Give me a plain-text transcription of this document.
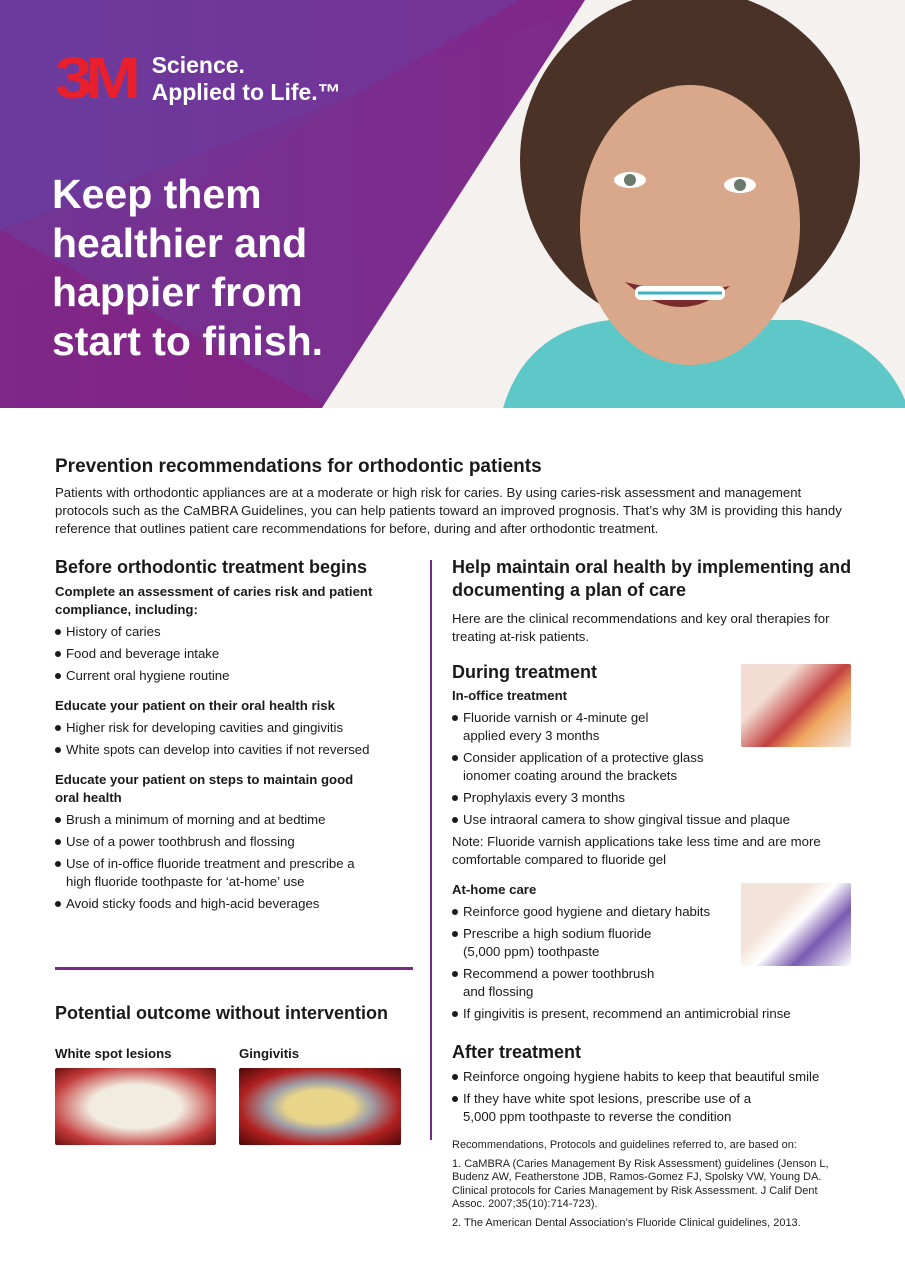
3M Science.
Applied to Life.™
Keep them healthier and happier from start to finish.
Prevention recommendations for orthodontic patients

Patients with orthodontic appliances are at a moderate or high risk for caries. By using caries-risk assessment and management protocols such as the CaMBRA Guidelines, you can help patients toward an improved prognosis. That’s why 3M is providing this handy reference that outlines patient care recommendations for before, during and after orthodontic treatment.

Before orthodontic treatment begins
Complete an assessment of caries risk and patient compliance, including:
History of caries
Food and beverage intake
Current oral hygiene routine
Educate your patient on their oral health risk
Higher risk for developing cavities and gingivitis
White spots can develop into cavities if not reversed
Educate your patient on steps to maintain good oral health
Brush a minimum of morning and at bedtime
Use of a power toothbrush and flossing
Use of in-office fluoride treatment and prescribe a high fluoride toothpaste for ‘at-home’ use
Avoid sticky foods and high-acid beverages
Potential outcome without intervention
White spot lesions	Gingivitis
Help maintain oral health by implementing and documenting a plan of care

Here are the clinical recommendations and key oral therapies for treating at-risk patients.

During treatment
In-office treatment
Fluoride varnish or 4-minute gel applied every 3 months
Consider application of a protective glass ionomer coating around the brackets
Prophylaxis every 3 months
Use intraoral camera to show gingival tissue and plaque

Note: Fluoride varnish applications take less time and are more comfortable compared to fluoride gel

At-home care
Reinforce good hygiene and dietary habits
Prescribe a high sodium fluoride (5,000 ppm) toothpaste
Recommend a power toothbrush and flossing
If gingivitis is present, recommend an antimicrobial rinse
After treatment
Reinforce ongoing hygiene habits to keep that beautiful smile
If they have white spot lesions, prescribe use of a 5,000 ppm toothpaste to reverse the condition

Recommendations, Protocols and guidelines referred to, are based on:

1. CaMBRA (Caries Management By Risk Assessment) guidelines (Jenson L, Budenz AW, Featherstone JDB, Ramos-Gomez FJ, Spolsky VW, Young DA. Clinical protocols for Caries Management by Risk Assessment. J Calif Dent Assoc. 2007;35(10):714-723).

2. The American Dental Association’s Fluoride Clinical guidelines, 2013.
